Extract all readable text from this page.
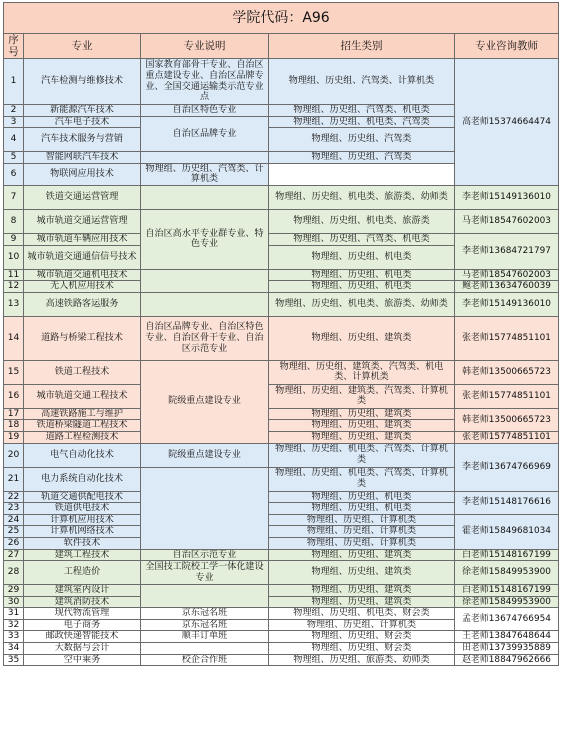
学院代码：A96				
序号	专业	专业说明	招生类别	专业咨询教师
1	汽车检测与维修技术	国家教育部骨干专业、自治区重点建设专业、自治区品牌专业、全国交通运输类示范专业点	物理组、历史组、汽驾类、计算机类	高老师15374664474
2	新能源汽车技术	自治区特色专业	物理组、历史组、汽驾类、机电类	
3	汽车电子技术	自治区品牌专业	物理组、历史组、机电类、汽驾类	
4	汽车技术服务与营销		物理组、历史组、汽驾类	
5	智能网联汽车技术		物理组、历史组、汽驾类	
6	物联网应用技术	物理组、历史组、汽驾类、计算机类		
7	铁道交通运营管理		物理组、历史组、机电类、旅游类、幼师类	李老师15149136010
8	城市轨道交通运营管理	自治区高水平专业群专业、特色专业	物理组、历史组、机电类、旅游类	马老师18547602003
9	城市轨道车辆应用技术		物理组、历史组、汽驾类、机电类	李老师13684721797
10	城市轨道交通通信信号技术		物理组、历史组、机电类	
11	城市轨道交通机电技术		物理组、历史组、机电类	马老师18547602003
12	无人机应用技术		物理组、历史组、机电类	鲍老师13634760039
13	高速铁路客运服务		物理组、历史组、机电类、旅游类、幼师类	李老师15149136010
14	道路与桥梁工程技术	自治区品牌专业、自治区特色专业、自治区骨干专业、自治区示范专业	物理组、历史组、建筑类	张老师15774851101
15	铁道工程技术	院级重点建设专业	物理组、历史组、建筑类、汽驾类、机电类、计算机类	韩老师13500665723
16	城市轨道交通工程技术		物理组、历史组、建筑类、汽驾类、计算机类	张老师15774851101
17	高速铁路施工与维护		物理组、历史组、建筑类	韩老师13500665723
18	铁道桥梁隧道工程技术		物理组、历史组、建筑类	
19	道路工程检测技术		物理组、历史组、建筑类	张老师15774851101
20	电气自动化技术	院级重点建设专业	物理组、历史组、机电类、汽驾类、计算机类	李老师13674766969
21	电力系统自动化技术		物理组、历史组、机电类、汽驾类、计算机类	
22	轨道交通供配电技术		物理组、历史组、机电类	李老师15148176616
23	铁道供电技术		物理组、历史组、机电类	
24	计算机应用技术		物理组、历史组、计算机类	霍老师15849681034
25	计算机网络技术		物理组、历史组、计算机类	
26	软件技术		物理组、历史组、计算机类	
27	建筑工程技术	自治区示范专业	物理组、历史组、建筑类	白老师15148167199
28	工程造价	全国技工院校工学一体化建设专业	物理组、历史组、建筑类	徐老师15849953900
29	建筑室内设计		物理组、历史组、建筑类	白老师15148167199
30	建筑消防技术		物理组、历史组、建筑类	徐老师15849953900
31	现代物流管理	京东冠名班	物理组、历史组、机电类、财会类	孟老师13674766954
32	电子商务	京东冠名班	物理组、历史组、计算机类	
33	邮政快递智能技术	顺丰订单班	物理组、历史组、财会类	王老师13847648644
34	大数据与会计		物理组、历史组、财会类	田老师13739935889
35	空中乘务	校企合作班	物理组、历史组、旅游类、幼师类	赵老师18847962666
